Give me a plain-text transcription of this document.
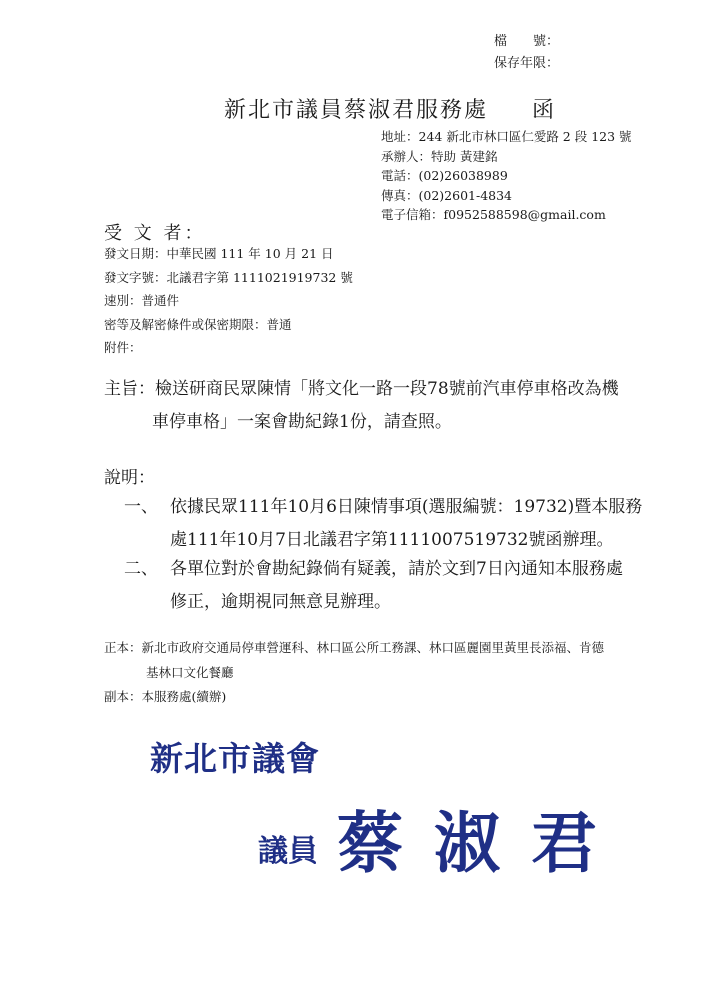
檔　　號：
保存年限：
新北市議員蔡淑君服務處 函
地址：244 新北市林口區仁愛路 2 段 123 號
承辦人：特助 黃建銘
電話：(02)26038989
傳真：(02)2601-4834
電子信箱：f0952588598@gmail.com
受 文 者：
發文日期：中華民國 111 年 10 月 21 日
發文字號：北議君字第 1111021919732 號
速別：普通件
密等及解密條件或保密期限：普通
附件：
主旨：檢送研商民眾陳情「將文化一路一段78號前汽車停車格改為機
車停車格」一案會勘紀錄1份，請查照。
說明：
一、 依據民眾111年10月6日陳情事項(選服編號：19732)暨本服務
處111年10月7日北議君字第1111007519732號函辦理。
二、 各單位對於會勘紀錄倘有疑義，請於文到7日內通知本服務處
修正，逾期視同無意見辦理。
正本：新北市政府交通局停車營運科、林口區公所工務課、林口區麗園里黃里長添福、肯德
基林口文化餐廳
副本：本服務處(續辦)
新北市議會
議員 蔡 淑 君
